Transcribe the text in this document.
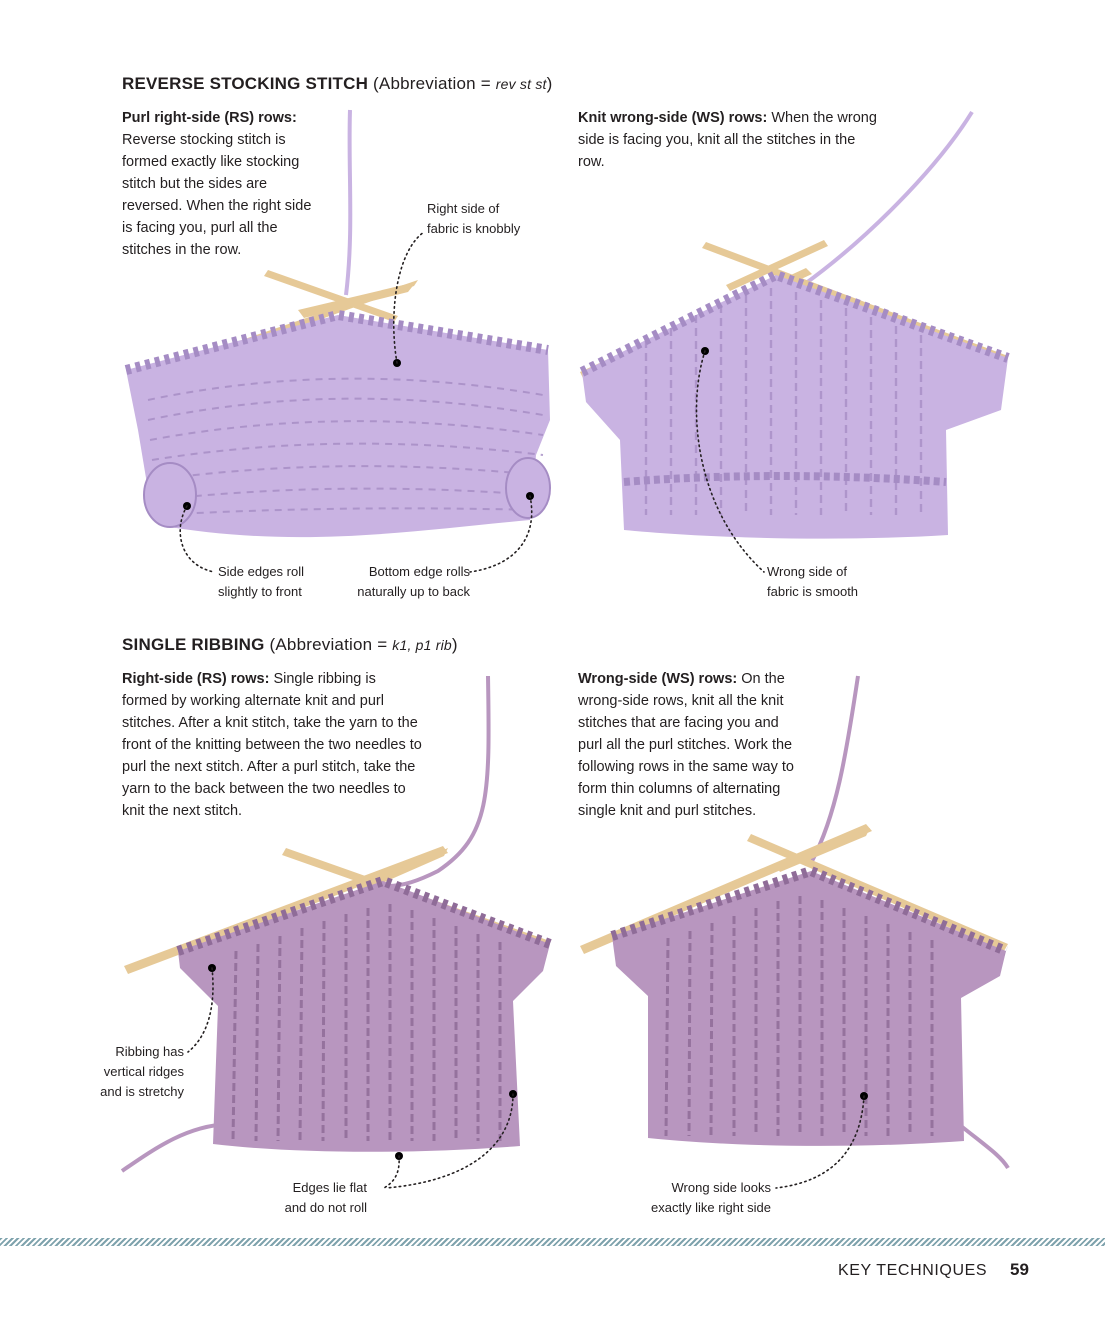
REVERSE STOCKING STITCH (Abbreviation = rev st st)
Purl right-side (RS) rows: Reverse stocking stitch is formed exactly like stocking stitch but the sides are reversed. When the right side is facing you, purl all the stitches in the row.
Knit wrong-side (WS) rows: When the wrong side is facing you, knit all the stitches in the row.
Right side of
fabric is knobbly
Side edges roll
slightly to front
Bottom edge rolls
naturally up to back
Wrong side of
fabric is smooth
SINGLE RIBBING (Abbreviation = k1, p1 rib)
Right-side (RS) rows: Single ribbing is formed by working alternate knit and purl stitches. After a knit stitch, take the yarn to the front of the knitting between the two needles to purl the next stitch. After a purl stitch, take the yarn to the back between the two needles to knit the next stitch.
Wrong-side (WS) rows: On the wrong-side rows, knit all the knit stitches that are facing you and purl all the purl stitches. Work the following rows in the same way to form thin columns of alternating single knit and purl stitches.
Ribbing has
vertical ridges
and is stretchy
Edges lie flat
and do not roll
Wrong side looks
exactly like right side
KEY TECHNIQUES 59
